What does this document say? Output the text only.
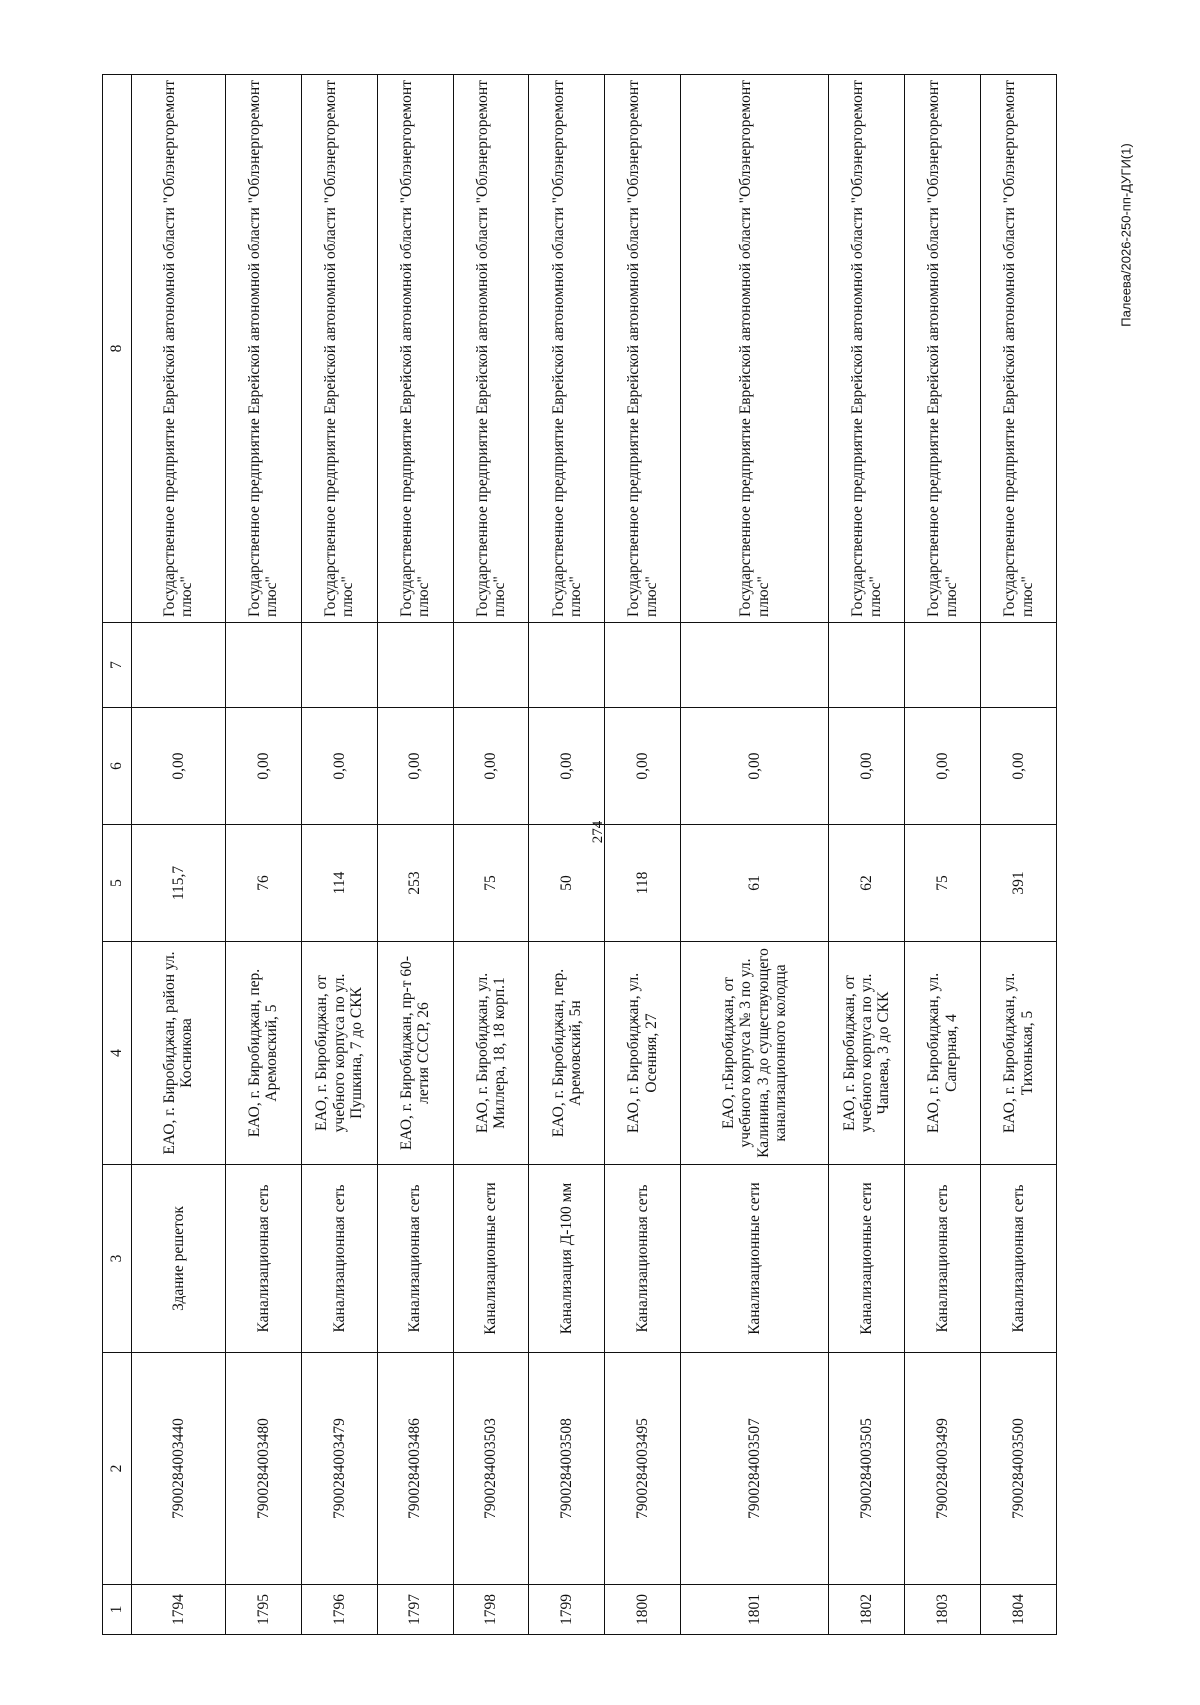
274
Палеева/2026-250-пп-ДУГИ(1)
1	2	3	4	5	6	7	8
1794	7900284003440	Здание решеток	ЕАО, г. Биробиджан, район ул. Косникова	115,7	0,00		Государственное предприятие Еврейской автономной области "Облэнергоремонт плюс"
1795	7900284003480	Канализационная сеть	ЕАО, г. Биробиджан, пер. Аремовский, 5	76	0,00		Государственное предприятие Еврейской автономной области "Облэнергоремонт плюс"
1796	7900284003479	Канализационная сеть	ЕАО, г. Биробиджан, от учебного корпуса по ул. Пушкина, 7 до СКК	114	0,00		Государственное предприятие Еврейской автономной области "Облэнергоремонт плюс"
1797	7900284003486	Канализационная сеть	ЕАО, г. Биробиджан, пр-т 60-летия СССР, 26	253	0,00		Государственное предприятие Еврейской автономной области "Облэнергоремонт плюс"
1798	7900284003503	Канализационные сети	ЕАО, г. Биробиджан, ул. Миллера, 18, 18 корп.1	75	0,00		Государственное предприятие Еврейской автономной области "Облэнергоремонт плюс"
1799	7900284003508	Канализация Д-100 мм	ЕАО, г. Биробиджан, пер. Аремовский, 5н	50	0,00		Государственное предприятие Еврейской автономной области "Облэнергоремонт плюс"
1800	7900284003495	Канализационная сеть	ЕАО, г. Биробиджан, ул. Осенняя, 27	118	0,00		Государственное предприятие Еврейской автономной области "Облэнергоремонт плюс"
1801	7900284003507	Канализационные сети	ЕАО, г.Биробиджан, от учебного корпуса № 3 по ул. Калинина, 3 до существующего канализационного колодца	61	0,00		Государственное предприятие Еврейской автономной области "Облэнергоремонт плюс"
1802	7900284003505	Канализационные сети	ЕАО, г. Биробиджан, от учебного корпуса по ул. Чапаева, 3 до СКК	62	0,00		Государственное предприятие Еврейской автономной области "Облэнергоремонт плюс"
1803	7900284003499	Канализационная сеть	ЕАО, г. Биробиджан, ул. Саперная, 4	75	0,00		Государственное предприятие Еврейской автономной области "Облэнергоремонт плюс"
1804	7900284003500	Канализационная сеть	ЕАО, г. Биробиджан, ул. Тихонькая, 5	391	0,00		Государственное предприятие Еврейской автономной области "Облэнергоремонт плюс"
